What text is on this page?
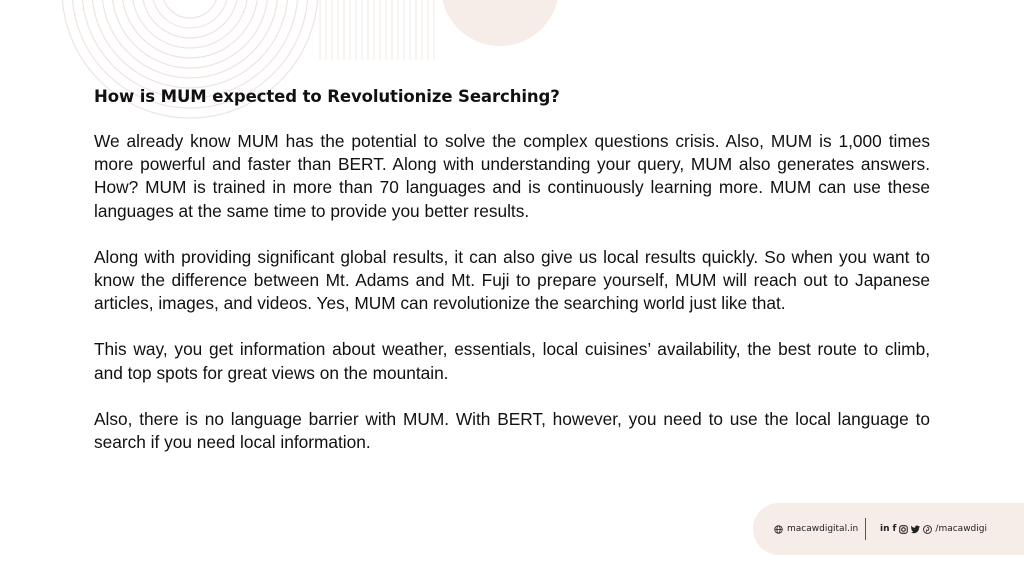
How is MUM expected to Revolutionize Searching?

We already know MUM has the potential to solve the complex questions crisis. Also, MUM is 1,000 times more powerful and faster than BERT. Along with understanding your query, MUM also generates answers. How? MUM is trained in more than 70 languages and is continuously learning more. MUM can use these languages at the same time to provide you better results.

Along with providing significant global results, it can also give us local results quickly. So when you want to know the difference between Mt. Adams and Mt. Fuji to prepare yourself, MUM will reach out to Japanese articles, images, and videos. Yes, MUM can revolutionize the searching world just like that.

This way, you get information about weather, essentials, local cuisines’ availability, the best route to climb, and top spots for great views on the mountain.

Also, there is no language barrier with MUM. With BERT, however, you need to use the local language to search if you need local information.

macawdigital.in in f	/macawdigi
